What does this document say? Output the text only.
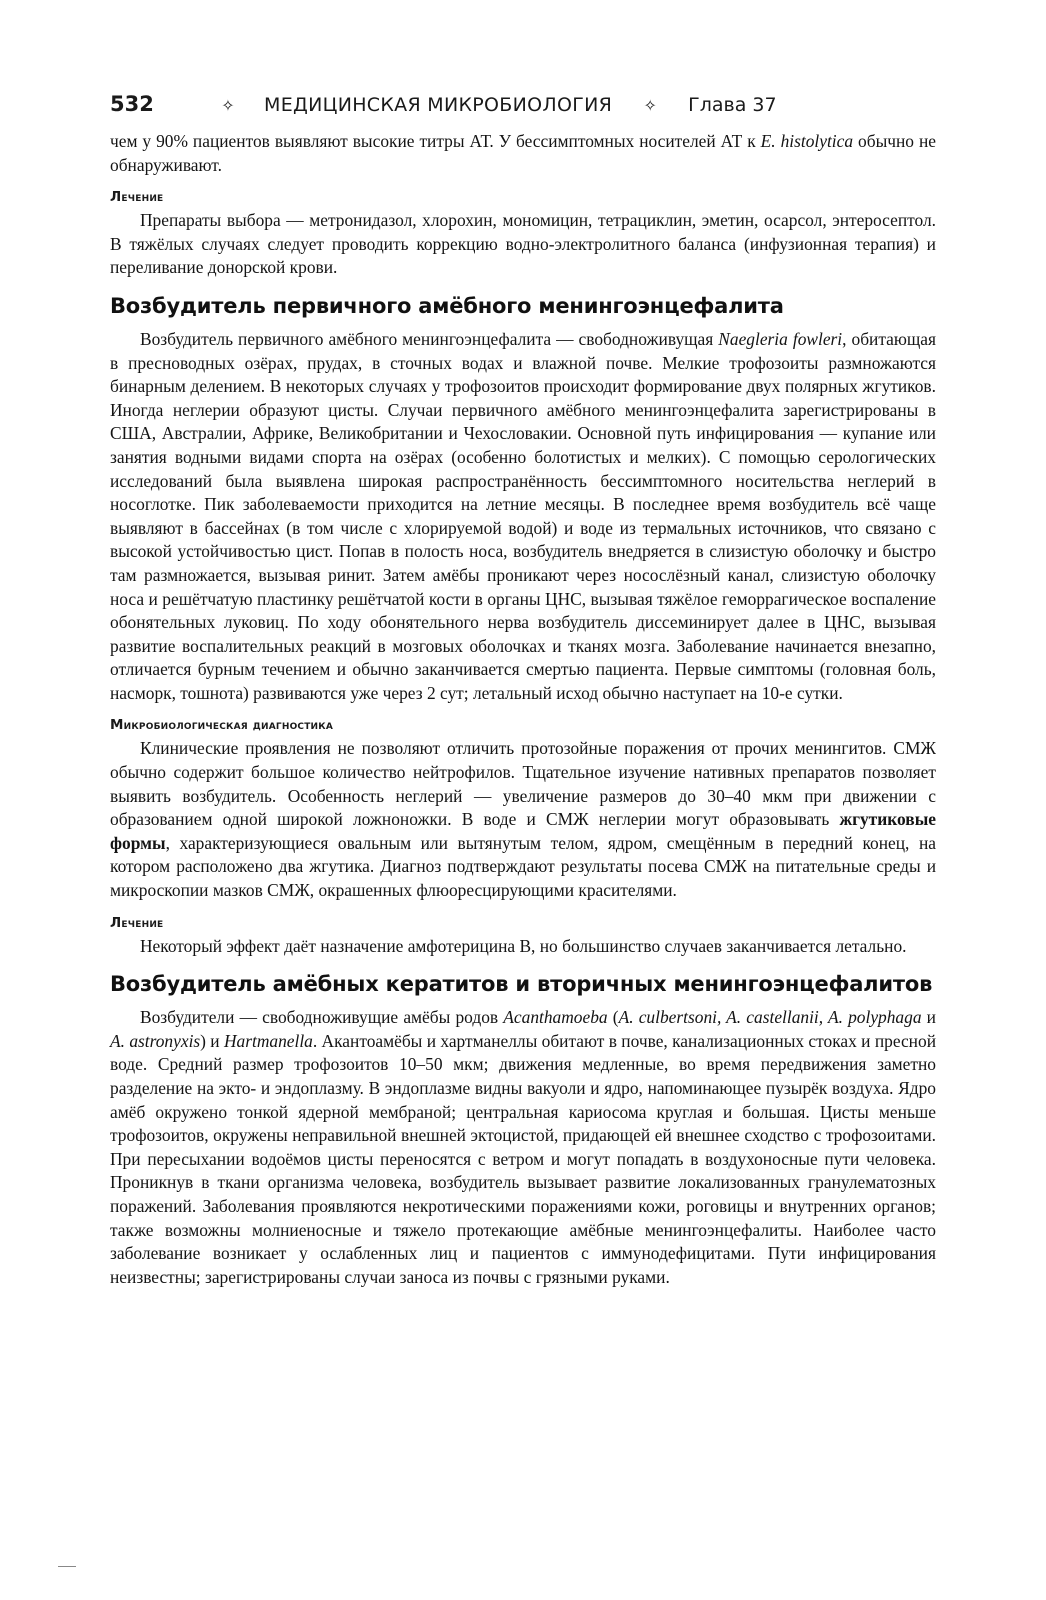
532	✧	МЕДИЦИНСКАЯ МИКРОБИОЛОГИЯ	✧	Глава 37

чем у 90% пациентов выявляют высокие титры АТ. У бессимптомных носителей АТ к E. histolytica обычно не обнаруживают.

Лечение

Препараты выбора — метронидазол, хлорохин, мономицин, тетрациклин, эметин, осарсол, энтеросептол. В тяжёлых случаях следует проводить коррекцию водно-электролитного баланса (инфузионная терапия) и переливание донорской крови.

Возбудитель первичного амёбного менингоэнцефалита

Возбудитель первичного амёбного менингоэнцефалита — свободноживущая Naegleria fowleri, обитающая в пресноводных озёрах, прудах, в сточных водах и влажной почве. Мелкие трофозоиты размножаются бинарным делением. В некоторых случаях у трофозоитов происходит формирование двух полярных жгутиков. Иногда неглерии образуют цисты. Случаи первичного амёбного менингоэнцефалита зарегистрированы в США, Австралии, Африке, Великобритании и Чехословакии. Основной путь инфицирования — купание или занятия водными видами спорта на озёрах (особенно болотистых и мелких). С помощью серологических исследований была выявлена широкая распространённость бессимптомного носительства неглерий в носоглотке. Пик заболеваемости приходится на летние месяцы. В последнее время возбудитель всё чаще выявляют в бассейнах (в том числе с хлорируемой водой) и воде из термальных источников, что связано с высокой устойчивостью цист. Попав в полость носа, возбудитель внедряется в слизистую оболочку и быстро там размножается, вызывая ринит. Затем амёбы проникают через носослёзный канал, слизистую оболочку носа и решётчатую пластинку решётчатой кости в органы ЦНС, вызывая тяжёлое геморрагическое воспаление обонятельных луковиц. По ходу обонятельного нерва возбудитель диссеминирует далее в ЦНС, вызывая развитие воспалительных реакций в мозговых оболочках и тканях мозга. Заболевание начинается внезапно, отличается бурным течением и обычно заканчивается смертью пациента. Первые симптомы (головная боль, насморк, тошнота) развиваются уже через 2 сут; летальный исход обычно наступает на 10-е сутки.

Микробиологическая диагностика

Клинические проявления не позволяют отличить протозойные поражения от прочих менингитов. СМЖ обычно содержит большое количество нейтрофилов. Тщательное изучение нативных препаратов позволяет выявить возбудитель. Особенность неглерий — увеличение размеров до 30–40 мкм при движении с образованием одной широкой ложноножки. В воде и СМЖ неглерии могут образовывать жгутиковые формы, характеризующиеся овальным или вытянутым телом, ядром, смещённым в передний конец, на котором расположено два жгутика. Диагноз подтверждают результаты посева СМЖ на питательные среды и микроскопии мазков СМЖ, окрашенных флюоресцирующими красителями.

Лечение

Некоторый эффект даёт назначение амфотерицина В, но большинство случаев заканчивается летально.

Возбудитель амёбных кератитов и вторичных менингоэнцефалитов

Возбудители — свободноживущие амёбы родов Acanthamoeba (A. culbertsoni, A. castellanii, A. polyphaga и A. astronyxis) и Hartmanella. Акантоамёбы и хартманеллы обитают в почве, канализационных стоках и пресной воде. Средний размер трофозоитов 10–50 мкм; движения медленные, во время передвижения заметно разделение на экто- и эндоплазму. В эндоплазме видны вакуоли и ядро, напоминающее пузырёк воздуха. Ядро амёб окружено тонкой ядерной мембраной; центральная кариосома круглая и большая. Цисты меньше трофозоитов, окружены неправильной внешней эктоцистой, придающей ей внешнее сходство с трофозоитами. При пересыхании водоёмов цисты переносятся с ветром и могут попадать в воздухоносные пути человека. Проникнув в ткани организма человека, возбудитель вызывает развитие локализованных гранулематозных поражений. Заболевания проявляются некротическими поражениями кожи, роговицы и внутренних органов; также возможны молниеносные и тяжело протекающие амёбные менингоэнцефалиты. Наиболее часто заболевание возникает у ослабленных лиц и пациентов с иммунодефицитами. Пути инфицирования неизвестны; зарегистрированы случаи заноса из почвы с грязными руками.
